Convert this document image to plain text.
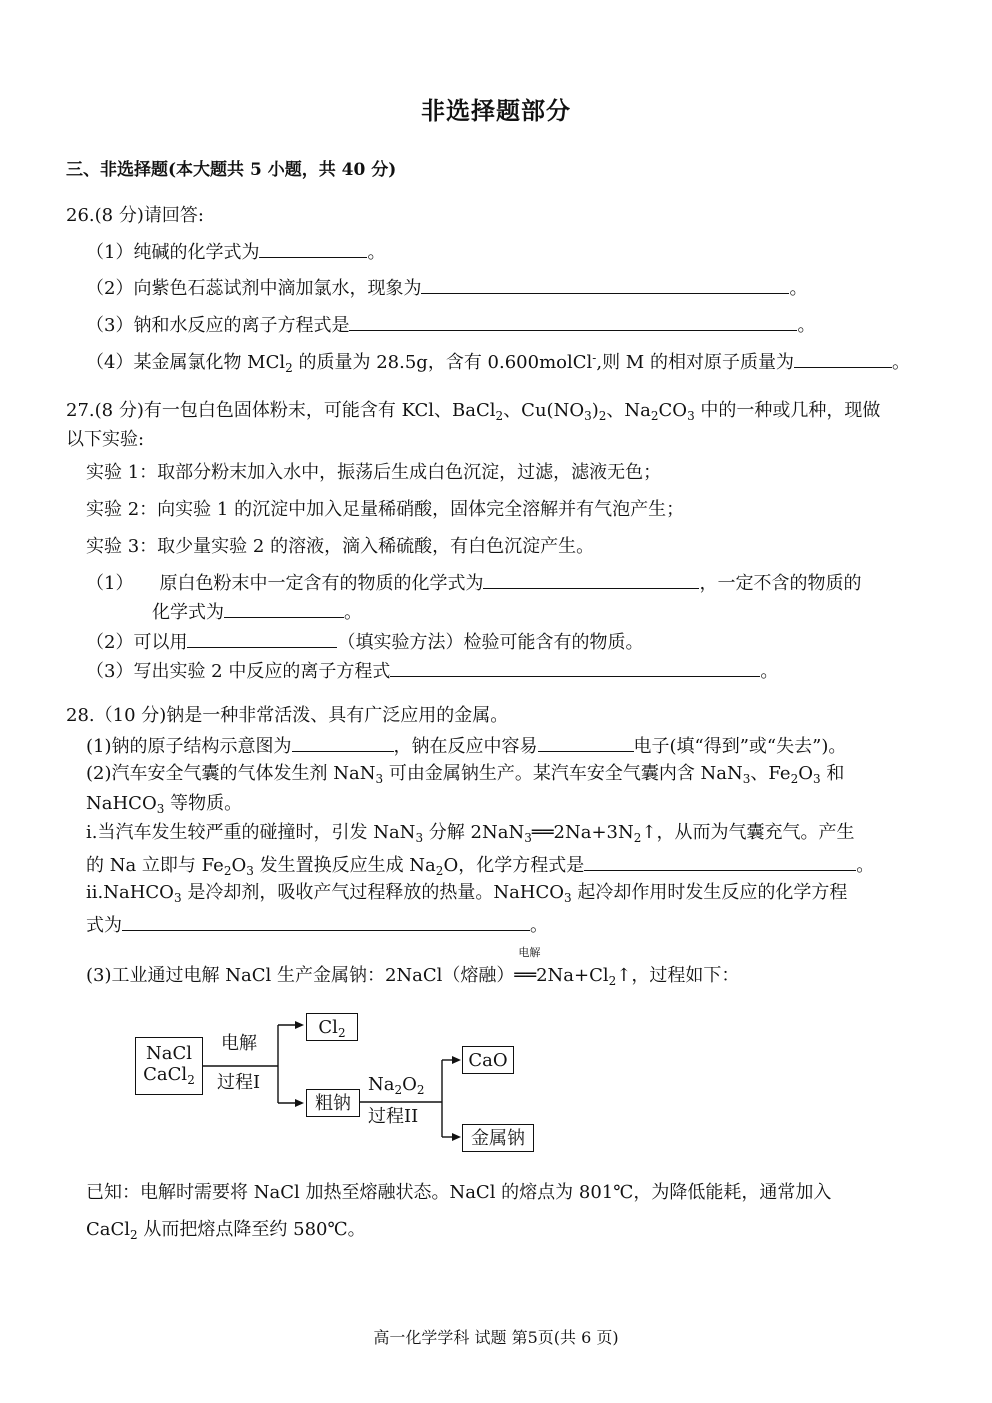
非选择题部分
三、非选择题(本大题共 5 小题，共 40 分)
26.(8 分)请回答:
（1）纯碱的化学式为	。
（2）向紫色石蕊试剂中滴加氯水，现象为	。
（3）钠和水反应的离子方程式是	。
（4）某金属氯化物 MCl$_2$ 的质量为 28.5g，含有 0.600molCl-,则 M 的相对原子质量为	。
27.(8 分)有一包白色固体粉末，可能含有 KCl、BaCl$_2$、$Cu(NO_3)_2$、$Na_2CO_3$ 中的一种或几种，现做
以下实验:
实验 1：取部分粉末加入水中，振荡后生成白色沉淀，过滤，滤液无色；
实验 2：向实验 1 的沉淀中加入足量稀硝酸，固体完全溶解并有气泡产生；
实验 3：取少量实验 2 的溶液，滴入稀硫酸，有白色沉淀产生。
（1） 原白色粉末中一定含有的物质的化学式为	，一定不含的物质的
化学式为	。
（2）可以用	（填实验方法）检验可能含有的物质。
（3）写出实验 2 中反应的离子方程式	。
28.（10 分)钠是一种非常活泼、具有广泛应用的金属。
(1)钠的原子结构示意图为	，钠在反应中容易	电子(填“得到”或“失去”)。
(2)汽车安全气囊的气体发生剂 NaN$_3$ 可由金属钠生产。某汽车安全气囊内含 NaN$_3$、$Fe_2O_3$ 和
NaHCO$_3$ 等物质。
i.当汽车发生较严重的碰撞时，引发 NaN$_3$ 分解 $2NaN_3══2Na+3N_2↑$，从而为气囊充气。产生
的 Na 立即与 $Fe_2O_3$ 发生置换反应生成 $Na_2O$，化学方程式是	。
ii.NaHCO$_3$ 是冷却剂，吸收产气过程释放的热量。NaHCO$_3$ 起冷却作用时发生反应的化学方程
式为	。
(3)工业通过电解 NaCl 生产金属钠：2NaCl（熔融）
电解
$══2Na+Cl_2↑$，过程如下：
NaCl
CaCl$_2$
电解
过程I
$Cl_2$
粗钠
$Na_2O_2$
过程II
CaO
金属钠
已知：电解时需要将 NaCl 加热至熔融状态。NaCl 的熔点为 801℃，为降低能耗，通常加入
CaCl$_2$ 从而把熔点降至约 580℃。
高一化学学科 试题 第5页(共 6 页)
